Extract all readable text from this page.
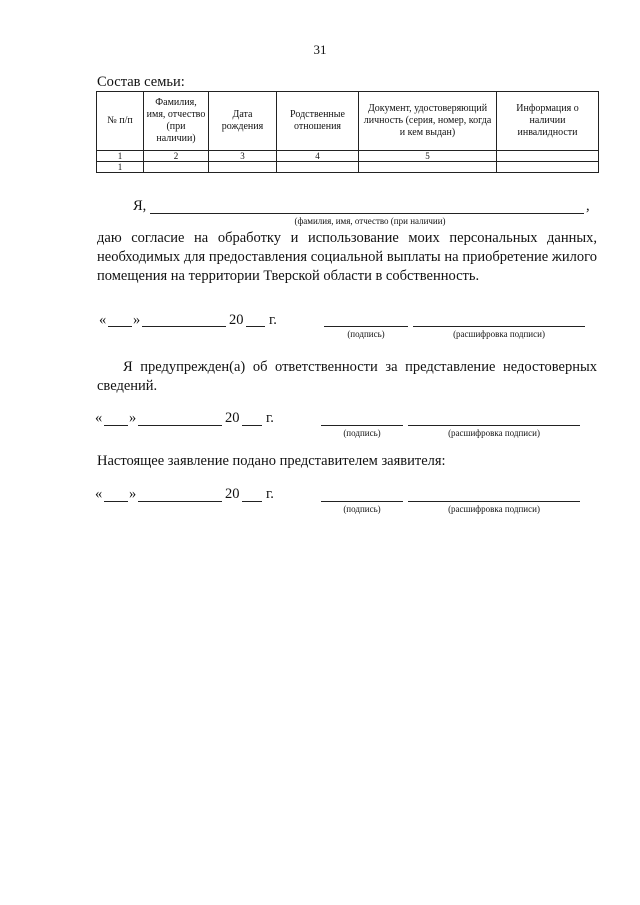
31
Состав семьи:
№ п/п	Фамилия, имя, отчество (при наличии)	Дата рождения	Родственные отношения	Документ, удостоверяющий личность (серия, номер, когда и кем выдан)	Информация о наличии инвалидности
1	2	3	4	5	
1					
Я,	,
(фамилия, имя, отчество (при наличии)
даю согласие на обработку и использование моих персональных данных, необходимых для предоставления социальной выплаты на приобретение жилого помещения на территории Тверской области в собственность.
« »	20 г.
(подпись)	(расшифровка подписи)
Я предупрежден(а) об ответственности за представление недостоверных сведений.
« »	20 г.
(подпись)	(расшифровка подписи)
Настоящее заявление подано представителем заявителя:
« »	20 г.
(подпись)	(расшифровка подписи)
